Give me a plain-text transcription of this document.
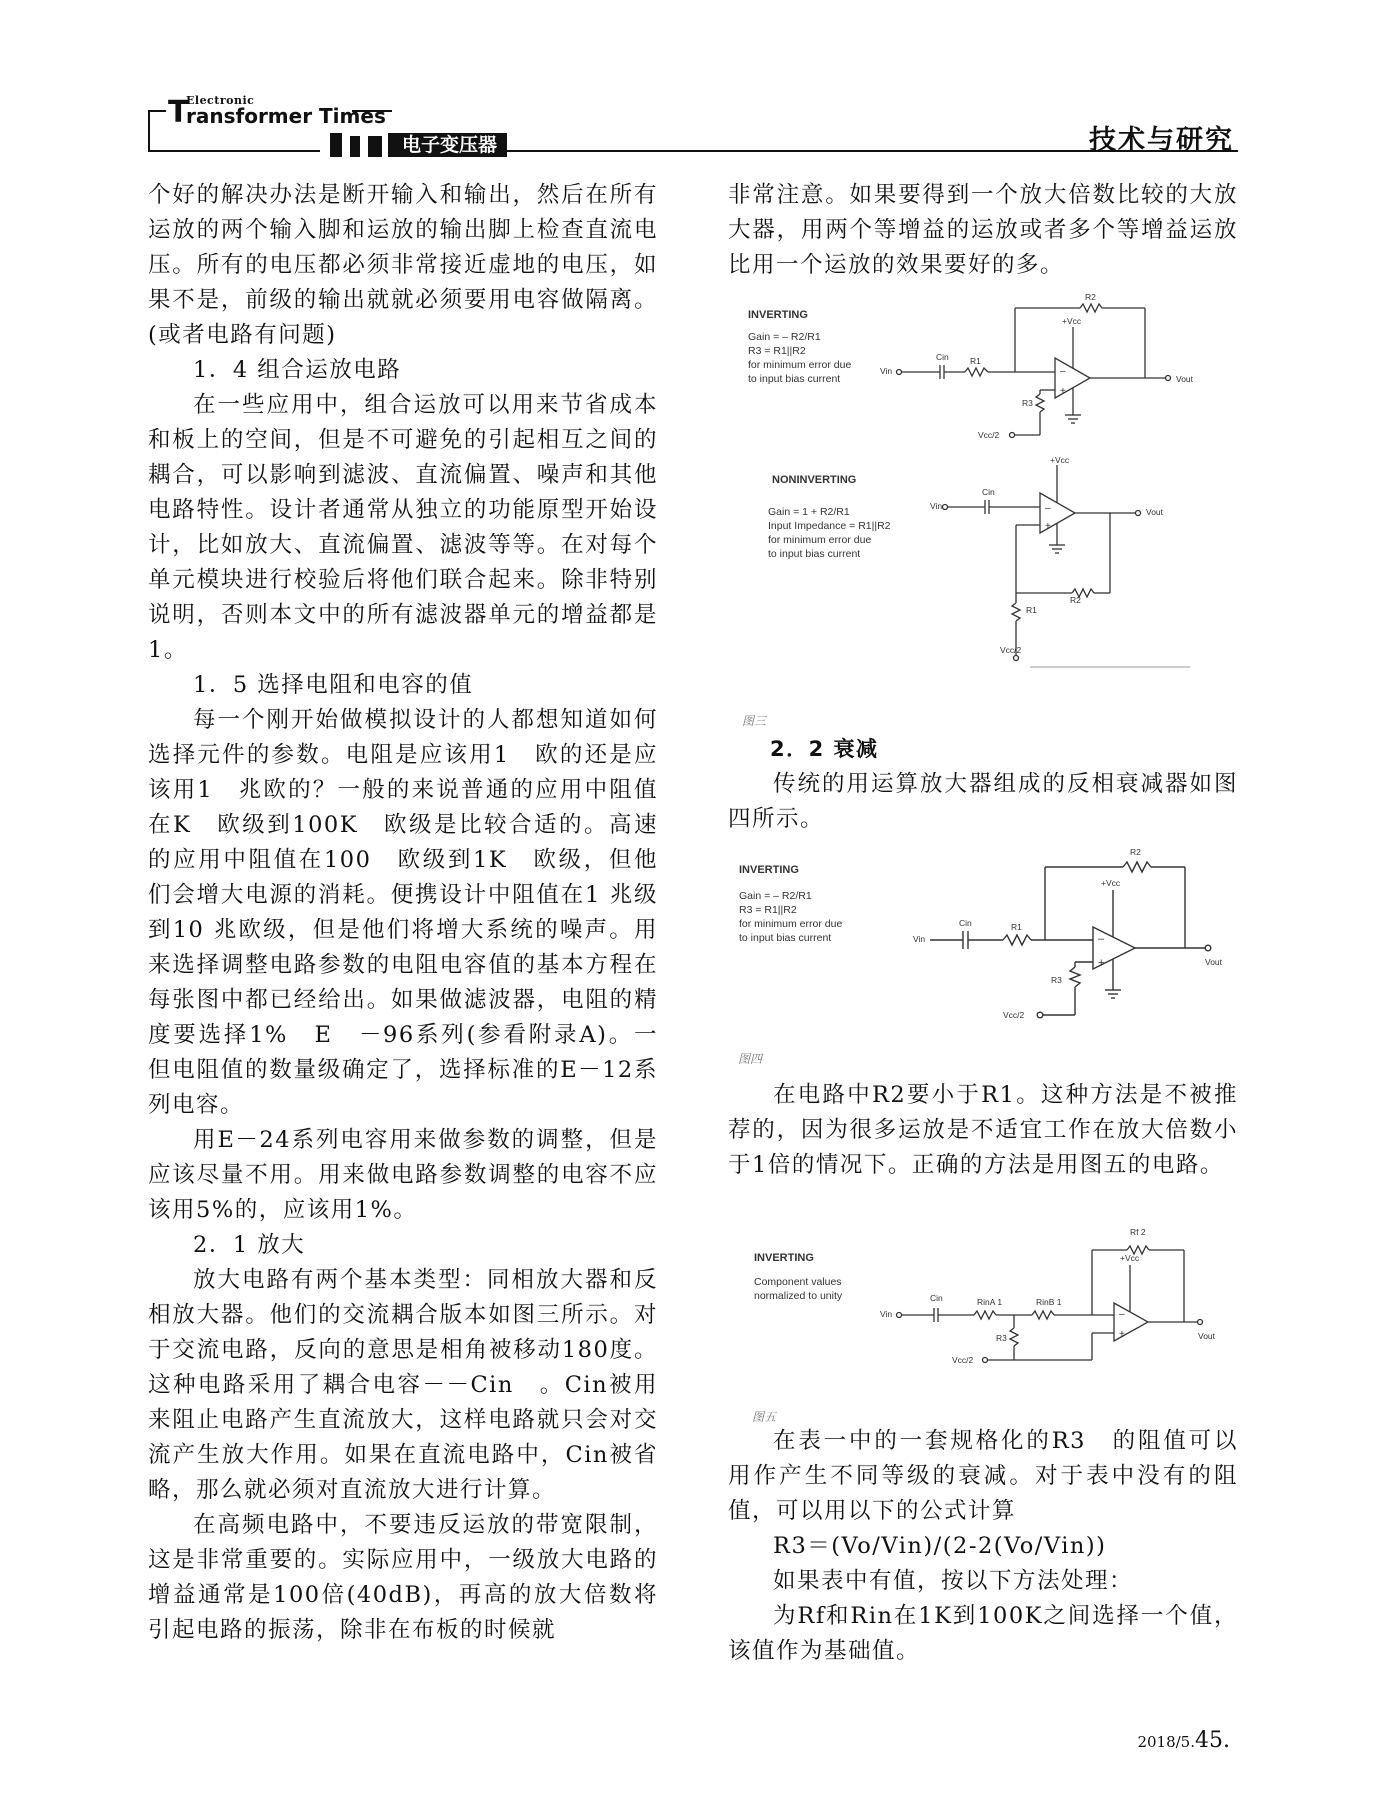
Electronic
T
ransformer Times
电子变压器	技术与研究

个好的解决办法是断开输入和输出，然后在所有运放的两个输入脚和运放的输出脚上检查直流电压。所有的电压都必须非常接近虚地的电压，如果不是，前级的输出就就必须要用电容做隔离。(或者电路有问题)

1．4 组合运放电路

在一些应用中，组合运放可以用来节省成本和板上的空间，但是不可避免的引起相互之间的耦合，可以影响到滤波、直流偏置、噪声和其他电路特性。设计者通常从独立的功能原型开始设计，比如放大、直流偏置、滤波等等。在对每个单元模块进行校验后将他们联合起来。除非特别说明，否则本文中的所有滤波器单元的增益都是 1。

1．5 选择电阻和电容的值

每一个刚开始做模拟设计的人都想知道如何选择元件的参数。电阻是应该用1　欧的还是应该用1　兆欧的？一般的来说普通的应用中阻值在K　欧级到100K　欧级是比较合适的。高速的应用中阻值在100　欧级到1K　欧级，但他们会增大电源的消耗。便携设计中阻值在1 兆级到10 兆欧级，但是他们将增大系统的噪声。用来选择调整电路参数的电阻电容值的基本方程在每张图中都已经给出。如果做滤波器，电阻的精度要选择1%　E　－96系列(参看附录A)。一但电阻值的数量级确定了，选择标准的E－12系列电容。

用E－24系列电容用来做参数的调整，但是应该尽量不用。用来做电路参数调整的电容不应该用5%的，应该用1%。

2．1 放大

放大电路有两个基本类型：同相放大器和反相放大器。他们的交流耦合版本如图三所示。对于交流电路，反向的意思是相角被移动180度。这种电路采用了耦合电容－－Cin　。Cin被用来阻止电路产生直流放大，这样电路就只会对交流产生放大作用。如果在直流电路中，Cin被省略，那么就必须对直流放大进行计算。

在高频电路中，不要违反运放的带宽限制，这是非常重要的。实际应用中，一级放大电路的增益通常是100倍(40dB)，再高的放大倍数将引起电路的振荡，除非在布板的时候就

非常注意。如果要得到一个放大倍数比较的大放大器，用两个等增益的运放或者多个等增益运放比用一个运放的效果要好的多。

2．2 衰减

传统的用运算放大器组成的反相衰减器如图四所示。

在电路中R2要小于R1。这种方法是不被推荐的，因为很多运放是不适宜工作在放大倍数小于1倍的情况下。正确的方法是用图五的电路。

在表一中的一套规格化的R3　的阻值可以用作产生不同等级的衰减。对于表中没有的阻值，可以用以下的公式计算

R3＝(Vo/Vin)/(2-2(Vo/Vin))

如果表中有值，按以下方法处理：

为Rf和Rin在1K到100K之间选择一个值，该值作为基础值。

–
+
INVERTING
Gain = – R2/R1
R3 = R1||R2
for minimum error due
to input bias current
Vin
Cin R1
R2
R3
+Vcc
Vout
Vcc/2
–
+
NONINVERTING
Gain = 1 + R2/R1
Input Impedance = R1||R2
for minimum error due
to input bias current
Vin
Cin
+Vcc
Vout
R2
R1
Vcc/2
图三
–
+
INVERTING
Gain = – R2/R1
R3 = R1||R2
for minimum error due
to input bias current	Vin
Cin	R1
R2
R3
+Vcc
Vout
Vcc/2
图四
–
+
INVERTING
Component values
normalized to unity
Vin
Cin	RinA 1	RinB 1
Rf 2
R3
+Vcc
Vout
Vcc/2
图五
2018/5.45.
